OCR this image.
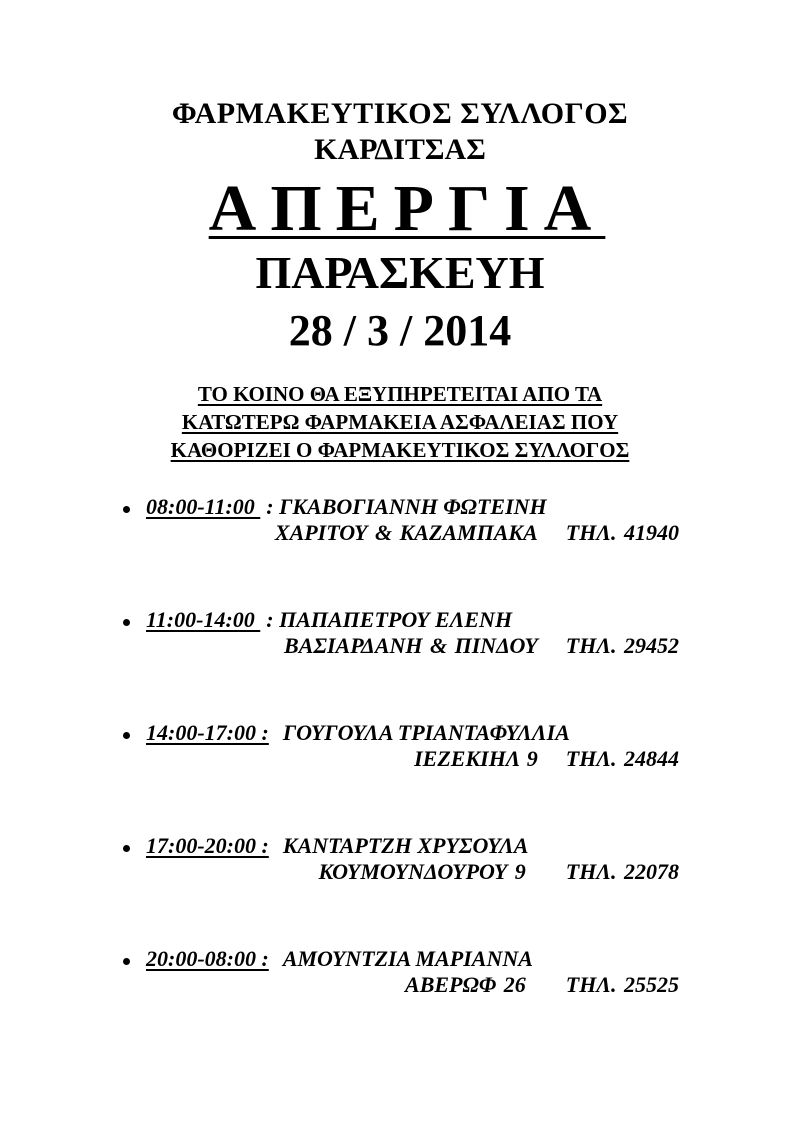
ΦΑΡΜΑΚΕΥΤΙΚΟΣ ΣΥΛΛΟΓΟΣ
ΚΑΡΔΙΤΣΑΣ
ΑΠΕΡΓΙΑ
ΠΑΡΑΣΚΕΥΗ
28 / 3 / 2014
ΤΟ ΚΟΙΝΟ ΘΑ ΕΞΥΠΗΡΕΤΕΙΤΑΙ ΑΠΟ ΤΑ
ΚΑΤΩΤΕΡΩ ΦΑΡΜΑΚΕΙΑ ΑΣΦΑΛΕΙΑΣ ΠΟΥ
ΚΑΘΟΡΙΖΕΙ Ο ΦΑΡΜΑΚΕΥΤΙΚΟΣ ΣΥΛΛΟΓΟΣ
08:00-11:00 : ΓΚΑΒΟΓΙΑΝΝΗ ΦΩΤΕΙΝΗ
ΧΑΡΙΤΟΥ & ΚΑΖΑΜΠΑΚΑ ΤΗΛ. 41940
11:00-14:00 : ΠΑΠΑΠΕΤΡΟΥ ΕΛΕΝΗ
ΒΑΣΙΑΡΔΑΝΗ & ΠΙΝΔΟΥ ΤΗΛ. 29452
14:00-17:00 : ΓΟΥΓΟΥΛΑ ΤΡΙΑΝΤΑΦΥΛΛΙΑ
ΙΕΖΕΚΙΗΛ 9 ΤΗΛ. 24844
17:00-20:00 : ΚΑΝΤΑΡΤΖΗ ΧΡΥΣΟΥΛΑ
ΚΟΥΜΟΥΝΔΟΥΡΟΥ 9 ΤΗΛ. 22078
20:00-08:00 : ΑΜΟΥΝΤΖΙΑ ΜΑΡΙΑΝΝΑ
ΑΒΕΡΩΦ 26 ΤΗΛ. 25525
